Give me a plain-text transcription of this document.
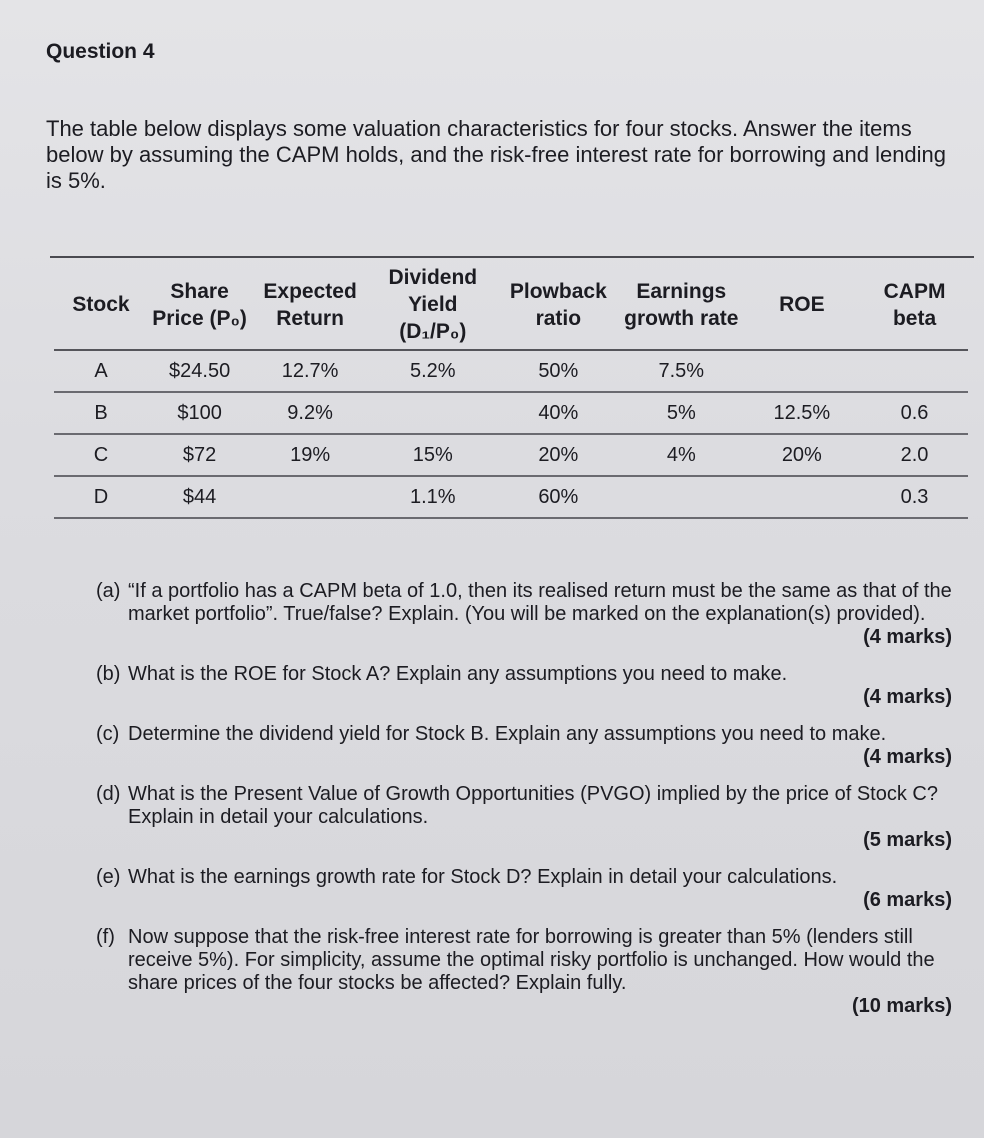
Question 4
The table below displays some valuation characteristics for four stocks. Answer the items below by assuming the CAPM holds, and the risk-free interest rate for borrowing and lending is 5%.
Stock	Share Price (P₀)	Expected Return	Dividend Yield (D₁/P₀)	Plowback ratio	Earnings growth rate	ROE	CAPM beta
A	$24.50	12.7%	5.2%	50%	7.5%		
B	$100	9.2%		40%	5%	12.5%	0.6
C	$72	19%	15%	20%	4%	20%	2.0
D	$44		1.1%	60%			0.3
(a) “If a portfolio has a CAPM beta of 1.0, then its realised return must be the same as that of the market portfolio”. True/false? Explain. (You will be marked on the explanation(s) provided).
(4 marks)
(b) What is the ROE for Stock A? Explain any assumptions you need to make.
(4 marks)
(c) Determine the dividend yield for Stock B. Explain any assumptions you need to make.
(4 marks)
(d) What is the Present Value of Growth Opportunities (PVGO) implied by the price of Stock C? Explain in detail your calculations.
(5 marks)
(e) What is the earnings growth rate for Stock D? Explain in detail your calculations.
(6 marks)
(f) Now suppose that the risk-free interest rate for borrowing is greater than 5% (lenders still receive 5%). For simplicity, assume the optimal risky portfolio is unchanged. How would the share prices of the four stocks be affected? Explain fully.
(10 marks)
